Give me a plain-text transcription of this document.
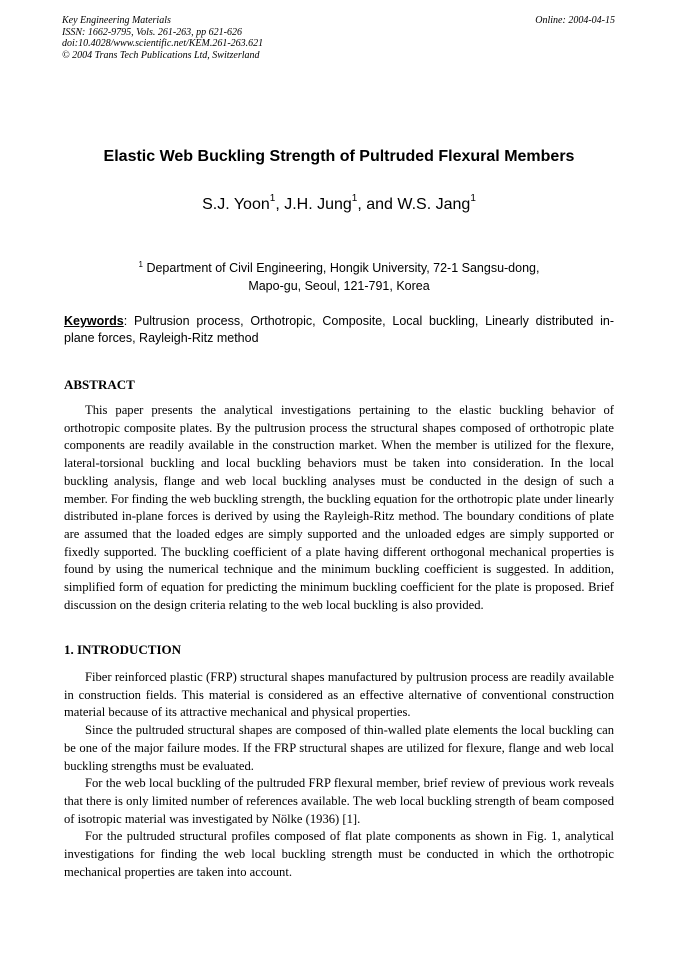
Key Engineering Materials
ISSN: 1662-9795, Vols. 261-263, pp 621-626
doi:10.4028/www.scientific.net/KEM.261-263.621
© 2004 Trans Tech Publications Ltd, Switzerland
Online: 2004-04-15
Elastic Web Buckling Strength of Pultruded Flexural Members
S.J. Yoon$^1$, J.H. Jung$^1$, and W.S. Jang$^1$
$^1$ Department of Civil Engineering, Hongik University, 72-1 Sangsu-dong,
Mapo-gu, Seoul, 121-791, Korea
Keywords: Pultrusion process, Orthotropic, Composite, Local buckling, Linearly distributed in-plane forces, Rayleigh-Ritz method
ABSTRACT

This paper presents the analytical investigations pertaining to the elastic buckling behavior of orthotropic composite plates. By the pultrusion process the structural shapes composed of orthotropic plate components are readily available in the construction market. When the member is utilized for the flexure, lateral-torsional buckling and local buckling behaviors must be taken into consideration. In the local buckling analysis, flange and web local buckling analyses must be conducted in the design of such a member. For finding the web buckling strength, the buckling equation for the orthotropic plate under linearly distributed in-plane forces is derived by using the Rayleigh-Ritz method. The boundary conditions of plate are assumed that the loaded edges are simply supported and the unloaded edges are simply supported or fixedly supported. The buckling coefficient of a plate having different orthogonal mechanical properties is found by using the numerical technique and the minimum buckling coefficient is suggested. In addition, simplified form of equation for predicting the minimum buckling coefficient for the plate is proposed. Brief discussion on the design criteria relating to the web local buckling is also provided.

1. INTRODUCTION

Fiber reinforced plastic (FRP) structural shapes manufactured by pultrusion process are readily available in construction fields. This material is considered as an effective alternative of conventional construction material because of its attractive mechanical and physical properties.

Since the pultruded structural shapes are composed of thin-walled plate elements the local buckling can be one of the major failure modes. If the FRP structural shapes are utilized for flexure, flange and web local buckling strengths must be evaluated.

For the web local buckling of the pultruded FRP flexural member, brief review of previous work reveals that there is only limited number of references available. The web local buckling strength of beam composed of isotropic material was investigated by Nölke (1936) [1].

For the pultruded structural profiles composed of flat plate components as shown in Fig. 1, analytical investigations for finding the web local buckling strength must be conducted in which the orthotropic mechanical properties are taken into account.
